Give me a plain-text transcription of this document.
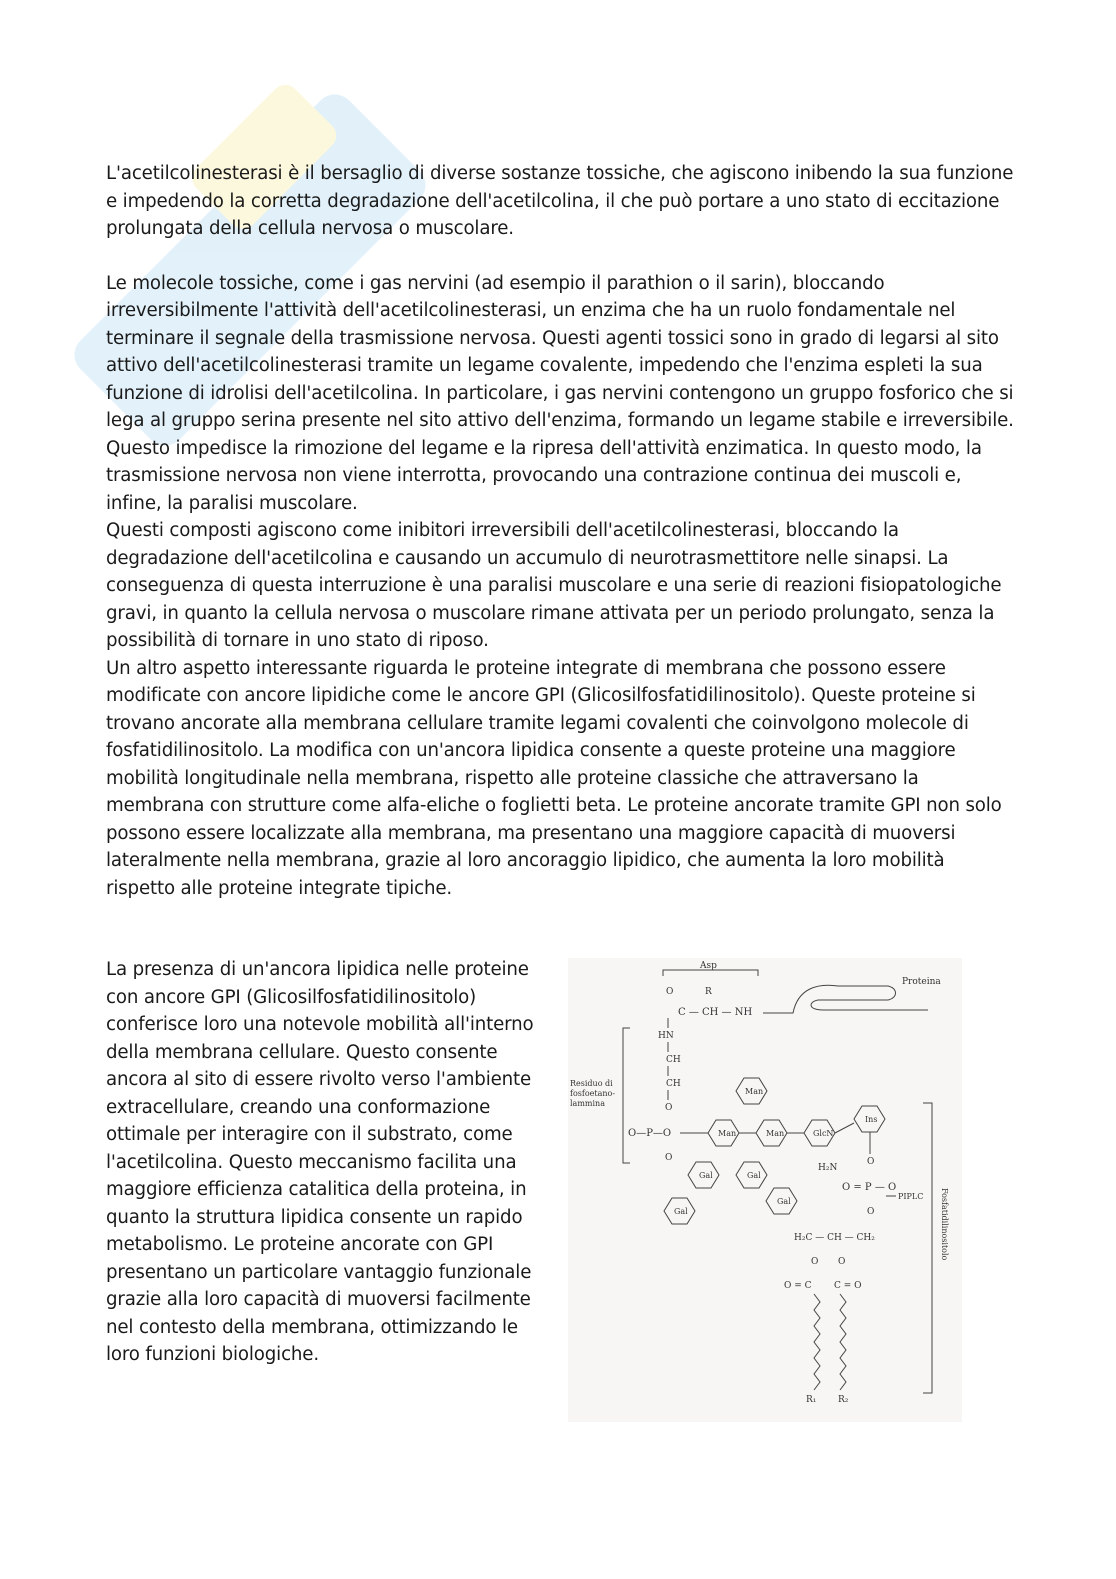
L'acetilcolinesterasi è il bersaglio di diverse sostanze tossiche, che agiscono inibendo la sua funzione e impedendo la corretta degradazione dell'acetilcolina, il che può portare a uno stato di eccitazione prolungata della cellula nervosa o muscolare.

Le molecole tossiche, come i gas nervini (ad esempio il parathion o il sarin), bloccando irreversibilmente l'attività dell'acetilcolinesterasi, un enzima che ha un ruolo fondamentale nel terminare il segnale della trasmissione nervosa. Questi agenti tossici sono in grado di legarsi al sito attivo dell'acetilcolinesterasi tramite un legame covalente, impedendo che l'enzima espleti la sua funzione di idrolisi dell'acetilcolina. In particolare, i gas nervini contengono un gruppo fosforico che si lega al gruppo serina presente nel sito attivo dell'enzima, formando un legame stabile e irreversibile. Questo impedisce la rimozione del legame e la ripresa dell'attività enzimatica. In questo modo, la trasmissione nervosa non viene interrotta, provocando una contrazione continua dei muscoli e, infine, la paralisi muscolare.

Questi composti agiscono come inibitori irreversibili dell'acetilcolinesterasi, bloccando la degradazione dell'acetilcolina e causando un accumulo di neurotrasmettitore nelle sinapsi. La conseguenza di questa interruzione è una paralisi muscolare e una serie di reazioni fisiopatologiche gravi, in quanto la cellula nervosa o muscolare rimane attivata per un periodo prolungato, senza la possibilità di tornare in uno stato di riposo.

Un altro aspetto interessante riguarda le proteine integrate di membrana che possono essere modificate con ancore lipidiche come le ancore GPI (Glicosilfosfatidilinositolo). Queste proteine si trovano ancorate alla membrana cellulare tramite legami covalenti che coinvolgono molecole di fosfatidilinositolo. La modifica con un'ancora lipidica consente a queste proteine una maggiore mobilità longitudinale nella membrana, rispetto alle proteine classiche che attraversano la membrana con strutture come alfa-eliche o foglietti beta. Le proteine ancorate tramite GPI non solo possono essere localizzate alla membrana, ma presentano una maggiore capacità di muoversi lateralmente nella membrana, grazie al loro ancoraggio lipidico, che aumenta la loro mobilità rispetto alle proteine integrate tipiche.

La presenza di un'ancora lipidica nelle proteine con ancore GPI (Glicosilfosfatidilinositolo) conferisce loro una notevole mobilità all'interno della membrana cellulare. Questo consente ancora al sito di essere rivolto verso l'ambiente extracellulare, creando una conformazione ottimale per interagire con il substrato, come l'acetilcolina. Questo meccanismo facilita una maggiore efficienza catalitica della proteina, in quanto la struttura lipidica consente un rapido metabolismo. Le proteine ancorate con GPI presentano un particolare vantaggio funzionale grazie alla loro capacità di muoversi facilmente nel contesto della membrana, ottimizzando le loro funzioni biologiche.

Asp
Proteina
O	R
C — CH — NH
HN
CH
CH
O
Residuo di
fosfoetano-
lammina
O—P—O
O
Man	Man
Man
GlcN
Ins
Gal	Gal
Gal
Gal
H₂N
O
O = P — O
PIPLC
O
H₂C — CH — CH₂
O O
O = C C = O
R₁ R₂
Fosfatidilinositolo
